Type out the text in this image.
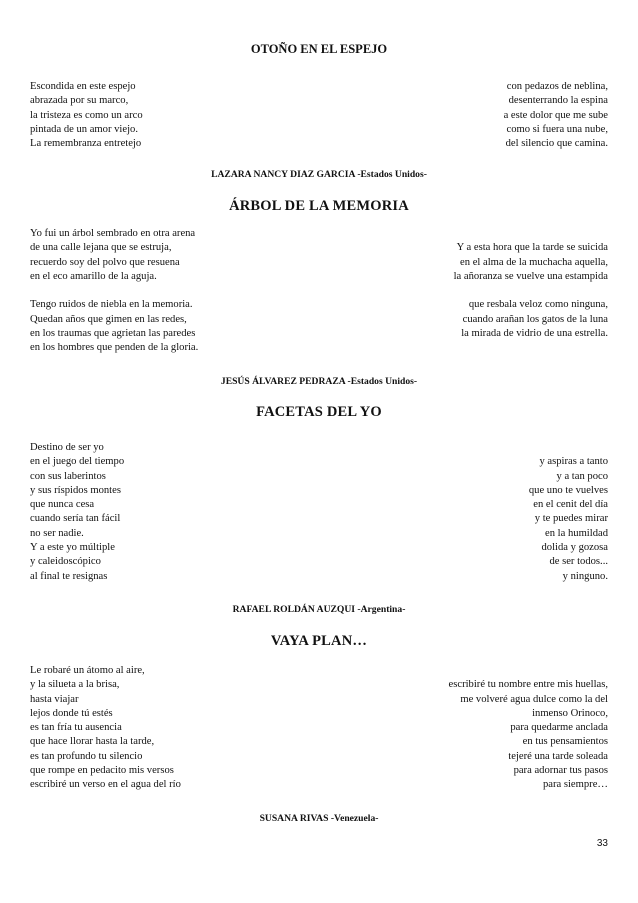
OTOÑO EN EL ESPEJO
Escondida en este espejo
abrazada por su marco,
la tristeza es como un arco
pintada de un amor viejo.
La remembranza entretejo
con pedazos de neblina,
desenterrando la espina
a este dolor que me sube
como si fuera una nube,
del silencio que camina.
LAZARA NANCY DIAZ GARCIA -Estados Unidos-
ÁRBOL DE LA MEMORIA
Yo fui un árbol sembrado en otra arena
de una calle lejana que se estruja,
recuerdo soy del polvo que resuena
en el eco amarillo de la aguja.
Tengo ruidos de niebla en la memoria.
Quedan años que gimen en las redes,
en los traumas que agrietan las paredes
en los hombres que penden de la gloria.
Y a esta hora que la tarde se suicida
en el alma de la muchacha aquella,
la añoranza se vuelve una estampida
que resbala veloz como ninguna,
cuando arañan los gatos de la luna
la mirada de vidrio de una estrella.
JESÚS ÁLVAREZ PEDRAZA -Estados Unidos-
FACETAS DEL YO
Destino de ser yo
en el juego del tiempo
con sus laberintos
y sus ríspidos montes
que nunca cesa
cuando sería tan fácil
no ser nadie.
Y a este yo múltiple
y caleidoscópico
al final te resignas
y aspiras a tanto
y a tan poco
que uno te vuelves
en el cenit del día
y te puedes mirar
en la humildad
dolida y gozosa
de ser todos...
y ninguno.
RAFAEL ROLDÁN AUZQUI -Argentina-
VAYA PLAN…
Le robaré un átomo al aire,
y la silueta a la brisa,
hasta viajar
lejos donde tú estés
es tan fría tu ausencia
que hace llorar hasta la tarde,
es tan profundo tu silencio
que rompe en pedacito mis versos
escribiré un verso en el agua del río
escribiré tu nombre entre mis huellas,
me volveré agua dulce como la del
inmenso Orinoco,
para quedarme anclada
en tus pensamientos
tejeré una tarde soleada
para adornar tus pasos
para siempre…
SUSANA RIVAS -Venezuela-
33
